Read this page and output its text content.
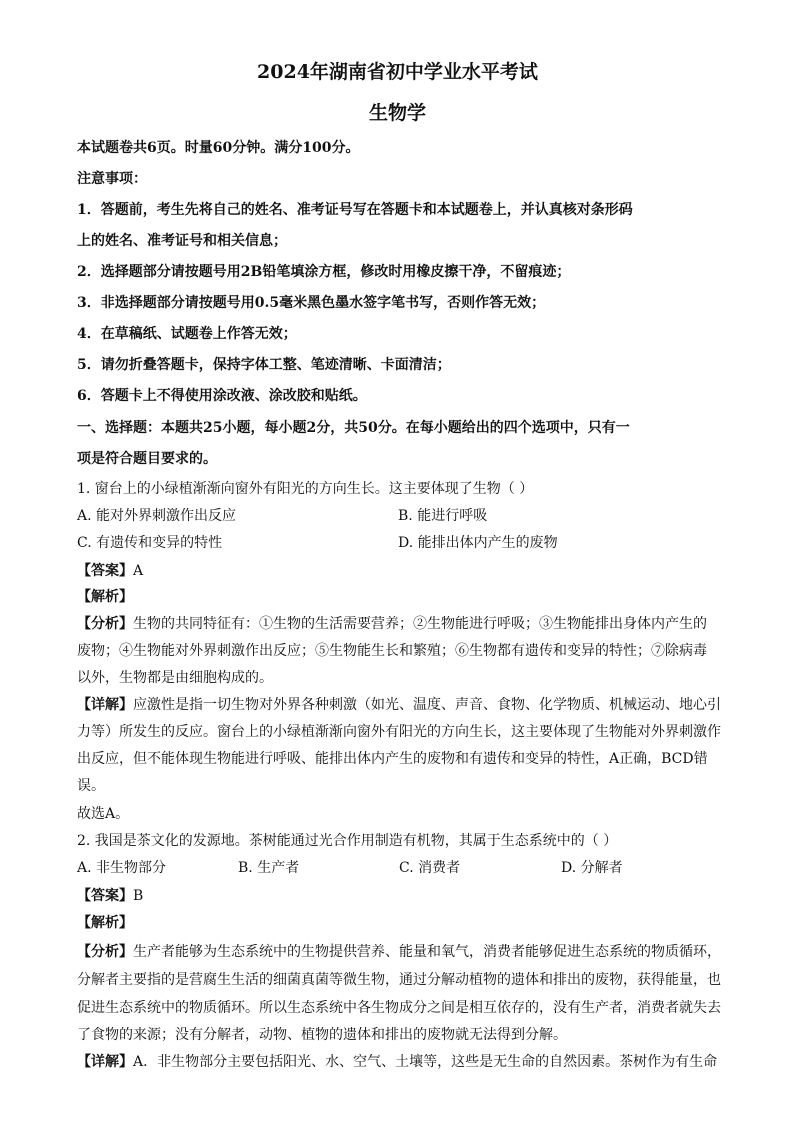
2024年湖南省初中学业水平考试
生物学
本试题卷共6页。时量60分钟。满分100分。
注意事项：
1．答题前，考生先将自己的姓名、准考证号写在答题卡和本试题卷上，并认真核对条形码
上的姓名、准考证号和相关信息；
2．选择题部分请按题号用2B铅笔填涂方框，修改时用橡皮擦干净，不留痕迹；
3．非选择题部分请按题号用0.5毫米黑色墨水签字笔书写，否则作答无效；
4．在草稿纸、试题卷上作答无效；
5．请勿折叠答题卡，保持字体工整、笔迹清晰、卡面清洁；
6．答题卡上不得使用涂改液、涂改胶和贴纸。
一、选择题：本题共25小题，每小题2分，共50分。在每小题给出的四个选项中，只有一
项是符合题目要求的。
1. 窗台上的小绿植渐渐向窗外有阳光的方向生长。这主要体现了生物（ ）
A. 能对外界刺激作出反应	B. 能进行呼吸
C. 有遗传和变异的特性	D. 能排出体内产生的废物
【答案】A
【解析】
【分析】生物的共同特征有：①生物的生活需要营养；②生物能进行呼吸；③生物能排出身体内产生的
废物；④生物能对外界刺激作出反应；⑤生物能生长和繁殖；⑥生物都有遗传和变异的特性；⑦除病毒
以外，生物都是由细胞构成的。
【详解】应激性是指一切生物对外界各种刺激（如光、温度、声音、食物、化学物质、机械运动、地心引
力等）所发生的反应。窗台上的小绿植渐渐向窗外有阳光的方向生长，这主要体现了生物能对外界刺激作
出反应，但不能体现生物能进行呼吸、能排出体内产生的废物和有遗传和变异的特性，A正确，BCD错
误。
故选A。
2. 我国是茶文化的发源地。茶树能通过光合作用制造有机物，其属于生态系统中的（ ）
A. 非生物部分	B. 生产者	C. 消费者	D. 分解者
【答案】B
【解析】
【分析】生产者能够为生态系统中的生物提供营养、能量和氧气，消费者能够促进生态系统的物质循环，
分解者主要指的是营腐生生活的细菌真菌等微生物，通过分解动植物的遗体和排出的废物，获得能量，也
促进生态系统中的物质循环。所以生态系统中各生物成分之间是相互依存的，没有生产者，消费者就失去
了食物的来源；没有分解者，动物、植物的遗体和排出的废物就无法得到分解。
【详解】A．非生物部分主要包括阳光、水、空气、土壤等，这些是无生命的自然因素。茶树作为有生命
